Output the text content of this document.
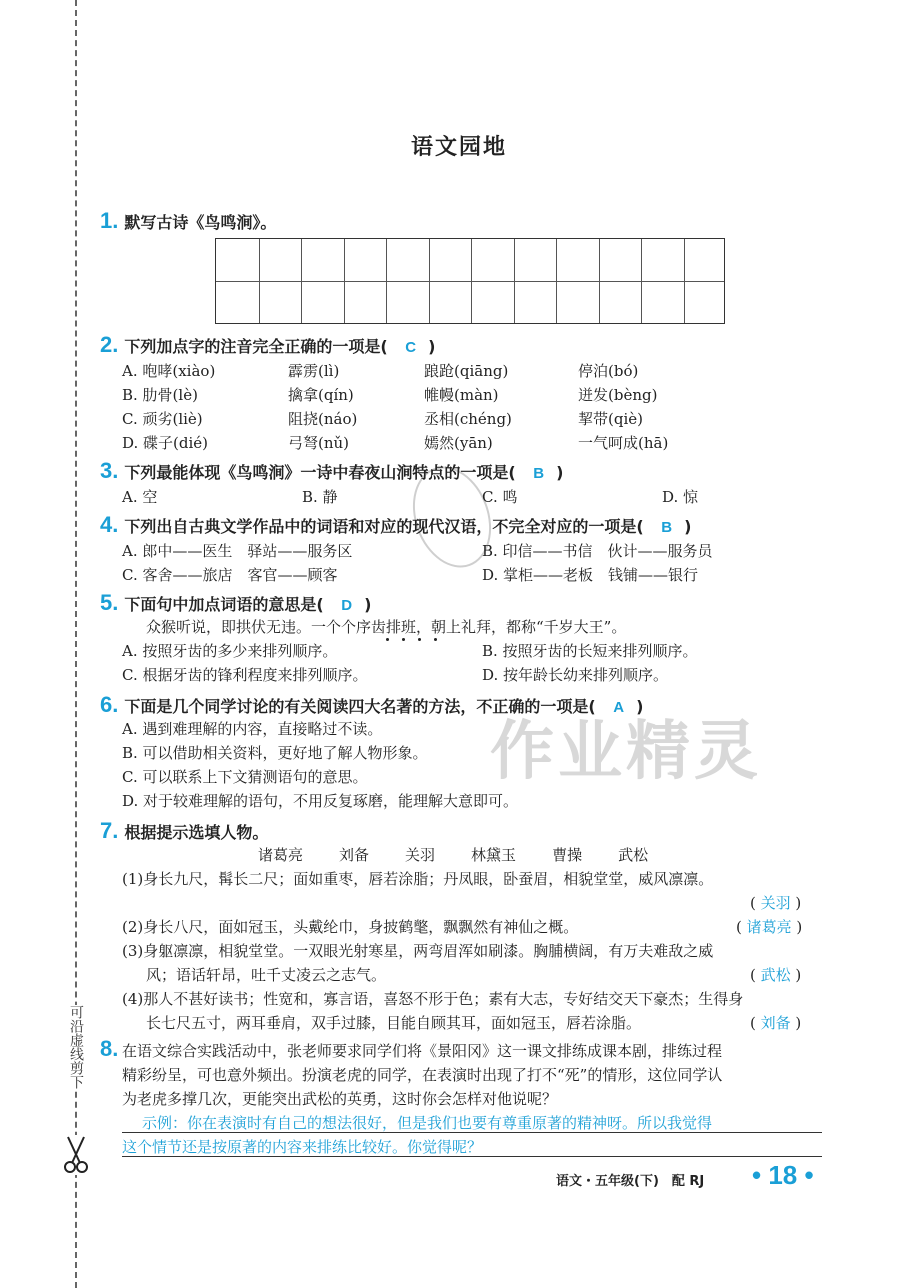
可沿虚线剪下
作业精灵
语文园地
1. 默写古诗《鸟鸣涧》。
2. 下列加点字的注音完全正确的一项是( C )
A. 咆哮(xiào)	霹雳(lì)	踉跄(qiāng)	停泊(bó)
B. 肋骨(lè)	擒拿(qín)	帷幔(màn)	迸发(bèng)
C. 顽劣(liè)	阻挠(náo)	丞相(chéng)	挈带(qiè)
D. 碟子(dié)	弓弩(nǔ)	嫣然(yān)	一气呵成(hā)
3. 下列最能体现《鸟鸣涧》一诗中春夜山涧特点的一项是( B )
A. 空	B. 静	C. 鸣	D. 惊
4. 下列出自古典文学作品中的词语和对应的现代汉语，不完全对应的一项是( B )
A. 郎中——医生　驿站——服务区	B. 印信——书信　伙计——服务员
C. 客舍——旅店　客官——顾客	D. 掌柜——老板　钱铺——银行
5. 下面句中加点词语的意思是( D )
众猴听说，即拱伏无违。一个个序齿排班，朝上礼拜，都称“千岁大王”。
A. 按照牙齿的多少来排列顺序。	B. 按照牙齿的长短来排列顺序。
C. 根据牙齿的锋利程度来排列顺序。	D. 按年龄长幼来排列顺序。
6. 下面是几个同学讨论的有关阅读四大名著的方法，不正确的一项是( A )
A. 遇到难理解的内容，直接略过不读。
B. 可以借助相关资料，更好地了解人物形象。
C. 可以联系上下文猜测语句的意思。
D. 对于较难理解的语句，不用反复琢磨，能理解大意即可。
7. 根据提示选填人物。
诸葛亮 刘备 关羽 林黛玉 曹操 武松
(1)身长九尺，髯长二尺；面如重枣，唇若涂脂；丹凤眼，卧蚕眉，相貌堂堂，威风凛凛。
( 关羽 )
(2)身长八尺，面如冠玉，头戴纶巾，身披鹤氅，飘飘然有神仙之概。	( 诸葛亮 )
(3)身躯凛凛，相貌堂堂。一双眼光射寒星，两弯眉浑如刷漆。胸脯横阔，有万夫难敌之威
风；语话轩昂，吐千丈凌云之志气。	( 武松 )
(4)那人不甚好读书；性宽和，寡言语，喜怒不形于色；素有大志，专好结交天下豪杰；生得身
长七尺五寸，两耳垂肩，双手过膝，目能自顾其耳，面如冠玉，唇若涂脂。	( 刘备 )
8. 在语文综合实践活动中，张老师要求同学们将《景阳冈》这一课文排练成课本剧，排练过程
精彩纷呈，可也意外频出。扮演老虎的同学，在表演时出现了打不“死”的情形，这位同学认
为老虎多撑几次，更能突出武松的英勇，这时你会怎样对他说呢？
示例：你在表演时有自己的想法很好，但是我们也要有尊重原著的精神呀。所以我觉得
这个情节还是按原著的内容来排练比较好。你觉得呢？
语文・五年级(下)　配 RJ • 18 •
